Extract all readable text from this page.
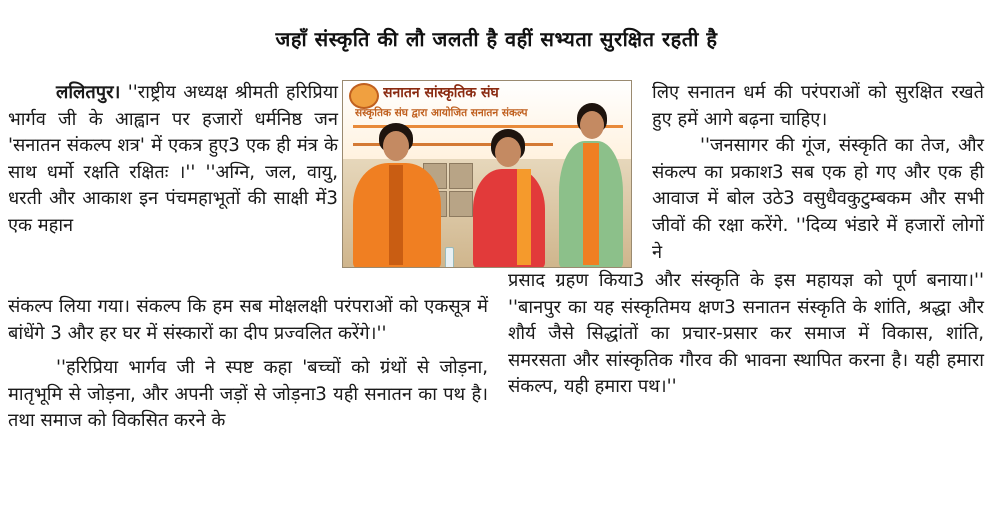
जहाँ संस्कृति की लौ जलती है वहीं सभ्यता सुरक्षित रहती है

ललितपुर। ''राष्ट्रीय अध्यक्ष श्रीमती हरिप्रिया भार्गव जी के आह्वान पर हजारों धर्मनिष्ठ जन 'सनातन संकल्प शत्र' में एकत्र हुए3 एक ही मंत्र के साथ धर्मो रक्षति रक्षितः ।'' ''अग्नि, जल, वायु, धरती और आकाश इन पंचमहाभूतों की साक्षी में3 एक महान

संकल्प लिया गया। संकल्प कि हम सब मोक्षलक्षी परंपराओं को एकसूत्र में बांधेंगे 3 और हर घर में संस्कारों का दीप प्रज्वलित करेंगे।''

''हरिप्रिया भार्गव जी ने स्पष्ट कहा 'बच्चों को ग्रंथों से जोड़ना, मातृभूमि से जोड़ना, और अपनी जड़ों से जोड़ना3 यही सनातन का पथ है। तथा समाज को विकसित करने के

सनातन सांस्कृतिक संघ
संस्कृतिक संघ द्वारा आयोजित सनातन संकल्प

लिए सनातन धर्म की परंपराओं को सुरक्षित रखते हुए हमें आगे बढ़ना चाहिए।

''जनसागर की गूंज, संस्कृति का तेज, और संकल्प का प्रकाश3 सब एक हो गए और एक ही आवाज में बोल उठे3 वसुधैवकुटुम्बकम और सभी जीवों की रक्षा करेंगे. ''दिव्य भंडारे में हजारों लोगों ने

प्रसाद ग्रहण किया3 और संस्कृति के इस महायज्ञ को पूर्ण बनाया।'' ''बानपुर का यह संस्कृतिमय क्षण3 सनातन संस्कृति के शांति, श्रद्धा और शौर्य जैसे सिद्धांतों का प्रचार-प्रसार कर समाज में विकास, शांति, समरसता और सांस्कृतिक गौरव की भावना स्थापित करना है। यही हमारा संकल्प, यही हमारा पथ।''
